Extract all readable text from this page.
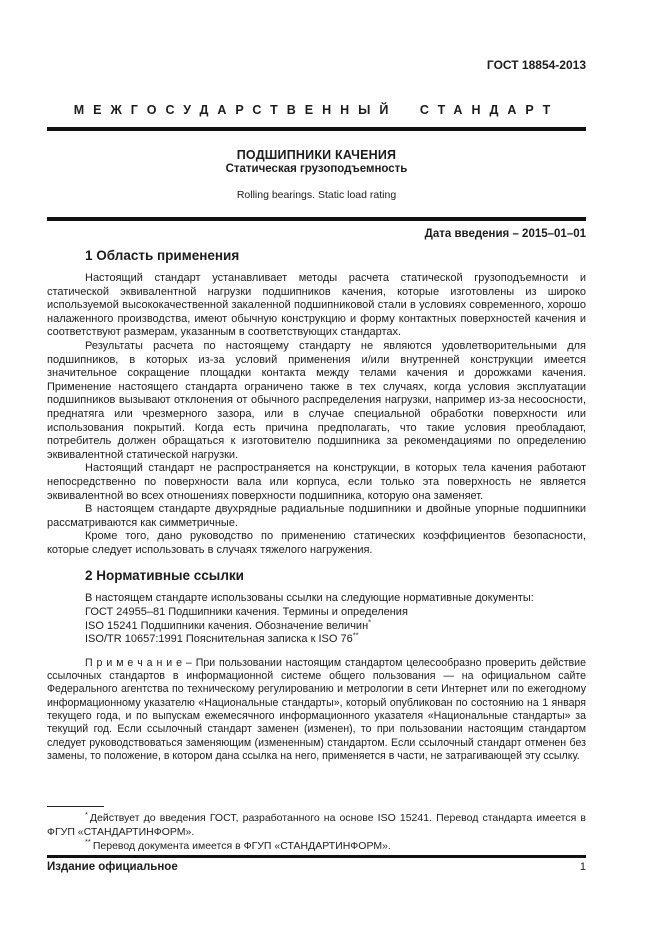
ГОСТ 18854-2013
МЕЖГОСУДАРСТВЕННЫЙ СТАНДАРТ
ПОДШИПНИКИ КАЧЕНИЯ
Статическая грузоподъемность
Rolling bearings. Static load rating
Дата введения – 2015–01–01
1 Область применения

Настоящий стандарт устанавливает методы расчета статической грузоподъемности и статической эквивалентной нагрузки подшипников качения, которые изготовлены из широко используемой высококачественной закаленной подшипниковой стали в условиях современного, хорошо налаженного производства, имеют обычную конструкцию и форму контактных поверхностей качения и соответствуют размерам, указанным в соответствующих стандартах.

Результаты расчета по настоящему стандарту не являются удовлетворительными для подшипников, в которых из-за условий применения и/или внутренней конструкции имеется значительное сокращение площадки контакта между телами качения и дорожками качения. Применение настоящего стандарта ограничено также в тех случаях, когда условия эксплуатации подшипников вызывают отклонения от обычного распределения нагрузки, например из-за несоосности, преднатяга или чрезмерного зазора, или в случае специальной обработки поверхности или использования покрытий. Когда есть причина предполагать, что такие условия преобладают, потребитель должен обращаться к изготовителю подшипника за рекомендациями по определению эквивалентной статической нагрузки.

Настоящий стандарт не распространяется на конструкции, в которых тела качения работают непосредственно по поверхности вала или корпуса, если только эта поверхность не является эквивалентной во всех отношениях поверхности подшипника, которую она заменяет.

В настоящем стандарте двухрядные радиальные подшипники и двойные упорные подшипники рассматриваются как симметричные.

Кроме того, дано руководство по применению статических коэффициентов безопасности, которые следует использовать в случаях тяжелого нагружения.

2 Нормативные ссылки
В настоящем стандарте использованы ссылки на следующие нормативные документы:
ГОСТ 24955–81 Подшипники качения. Термины и определения
ISO 15241 Подшипники качения. Обозначение величин*
ISO/TR 10657:1991 Пояснительная записка к ISO 76**

П р и м е ч а н и е – При пользовании настоящим стандартом целесообразно проверить действие ссылочных стандартов в информационной системе общего пользования — на официальном сайте Федерального агентства по техническому регулированию и метрологии в сети Интернет или по ежегодному информационному указателю «Национальные стандарты», который опубликован по состоянию на 1 января текущего года, и по выпускам ежемесячного информационного указателя «Национальные стандарты» за текущий год. Если ссылочный стандарт заменен (изменен), то при пользовании настоящим стандартом следует руководствоваться заменяющим (измененным) стандартом. Если ссылочный стандарт отменен без замены, то положение, в котором дана ссылка на него, применяется в части, не затрагивающей эту ссылку.

* Действует до введения ГОСТ, разработанного на основе ISO 15241. Перевод стандарта имеется в ФГУП «СТАНДАРТИНФОРМ».

** Перевод документа имеется в ФГУП «СТАНДАРТИНФОРМ».

Издание официальное	1
